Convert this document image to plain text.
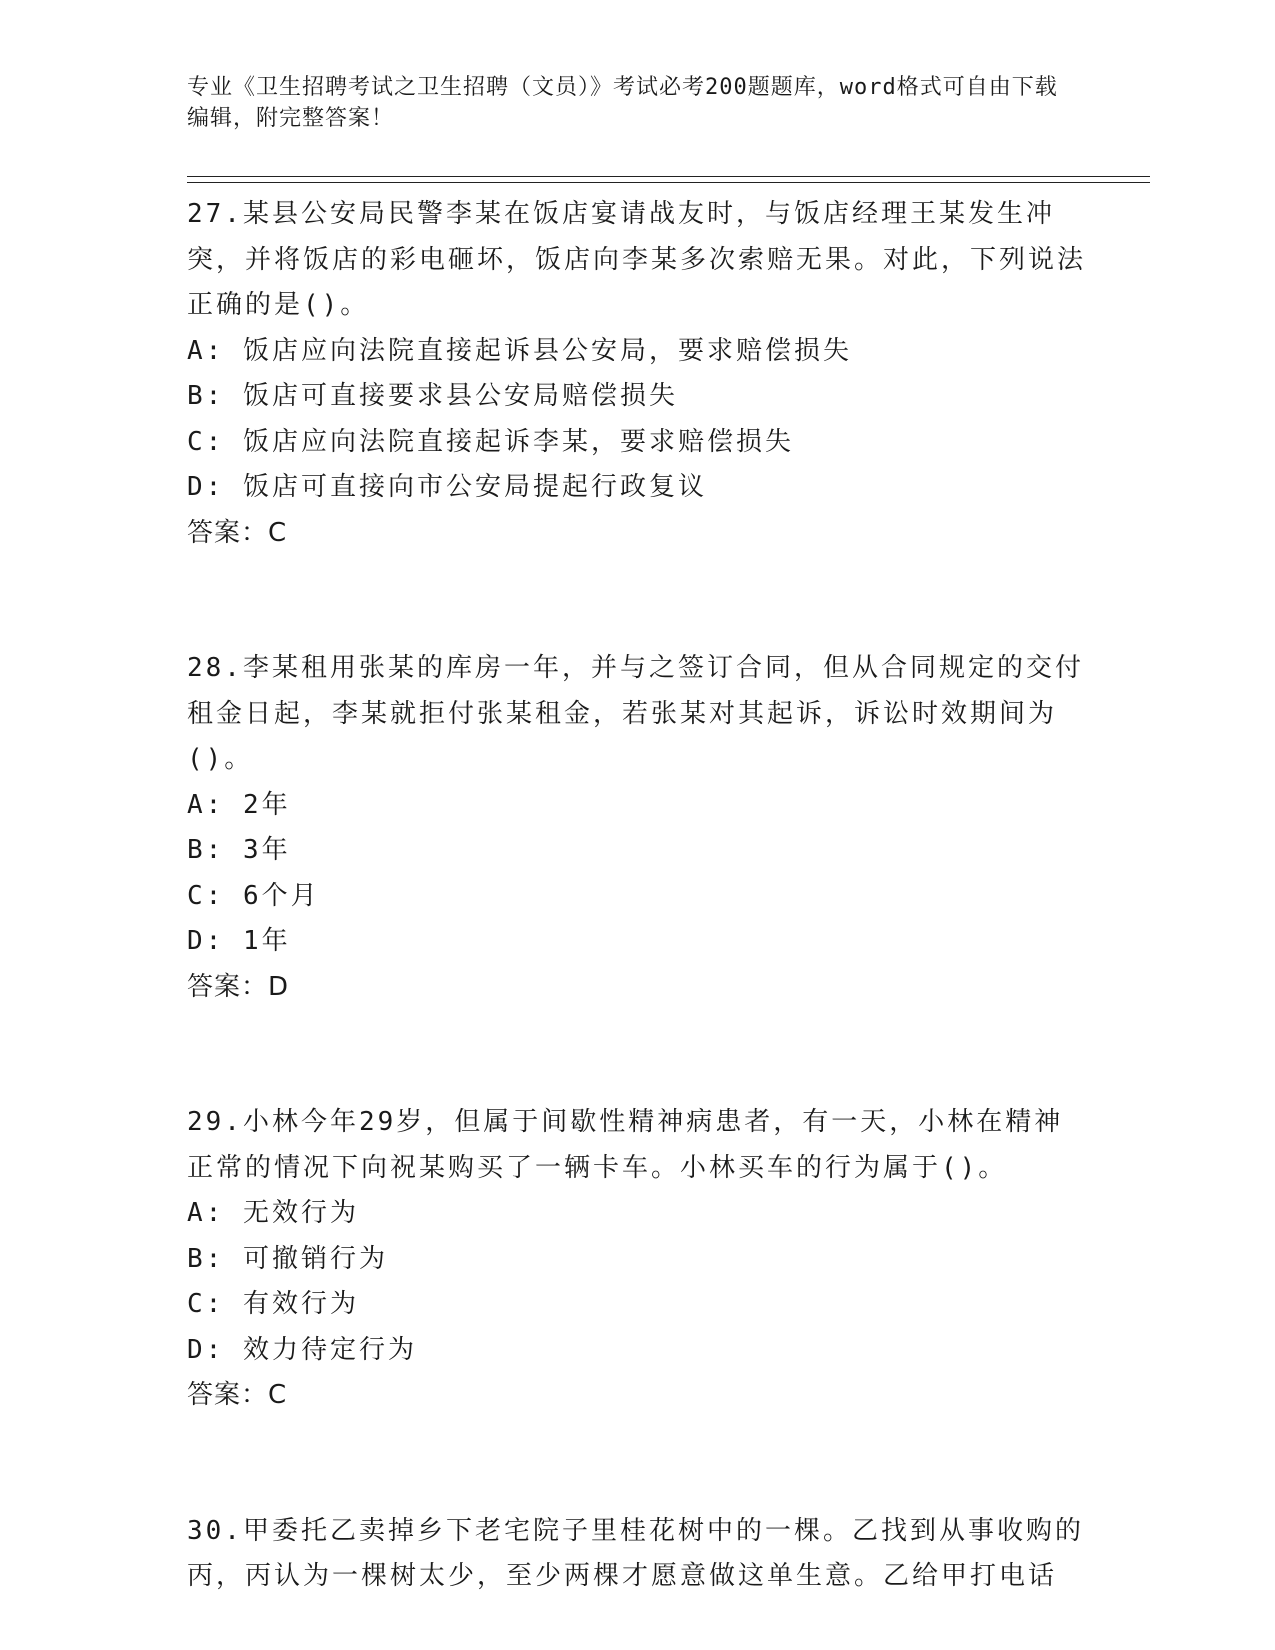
专业《卫生招聘考试之卫生招聘（文员）》考试必考200题题库，word格式可自由下载编辑，附完整答案！
27.某县公安局民警李某在饭店宴请战友时，与饭店经理王某发生冲突，并将饭店的彩电砸坏，饭店向李某多次索赔无果。对此，下列说法正确的是()。
A: 饭店应向法院直接起诉县公安局，要求赔偿损失
B: 饭店可直接要求县公安局赔偿损失
C: 饭店应向法院直接起诉李某，要求赔偿损失
D: 饭店可直接向市公安局提起行政复议
答案：C
28.李某租用张某的库房一年，并与之签订合同，但从合同规定的交付租金日起，李某就拒付张某租金，若张某对其起诉，诉讼时效期间为()。
A: 2年
B: 3年
C: 6个月
D: 1年
答案：D
29.小林今年29岁，但属于间歇性精神病患者，有一天，小林在精神正常的情况下向祝某购买了一辆卡车。小林买车的行为属于()。
A: 无效行为
B: 可撤销行为
C: 有效行为
D: 效力待定行为
答案：C
30.甲委托乙卖掉乡下老宅院子里桂花树中的一棵。乙找到从事收购的丙，丙认为一棵树太少，至少两棵才愿意做这单生意。乙给甲打电话
